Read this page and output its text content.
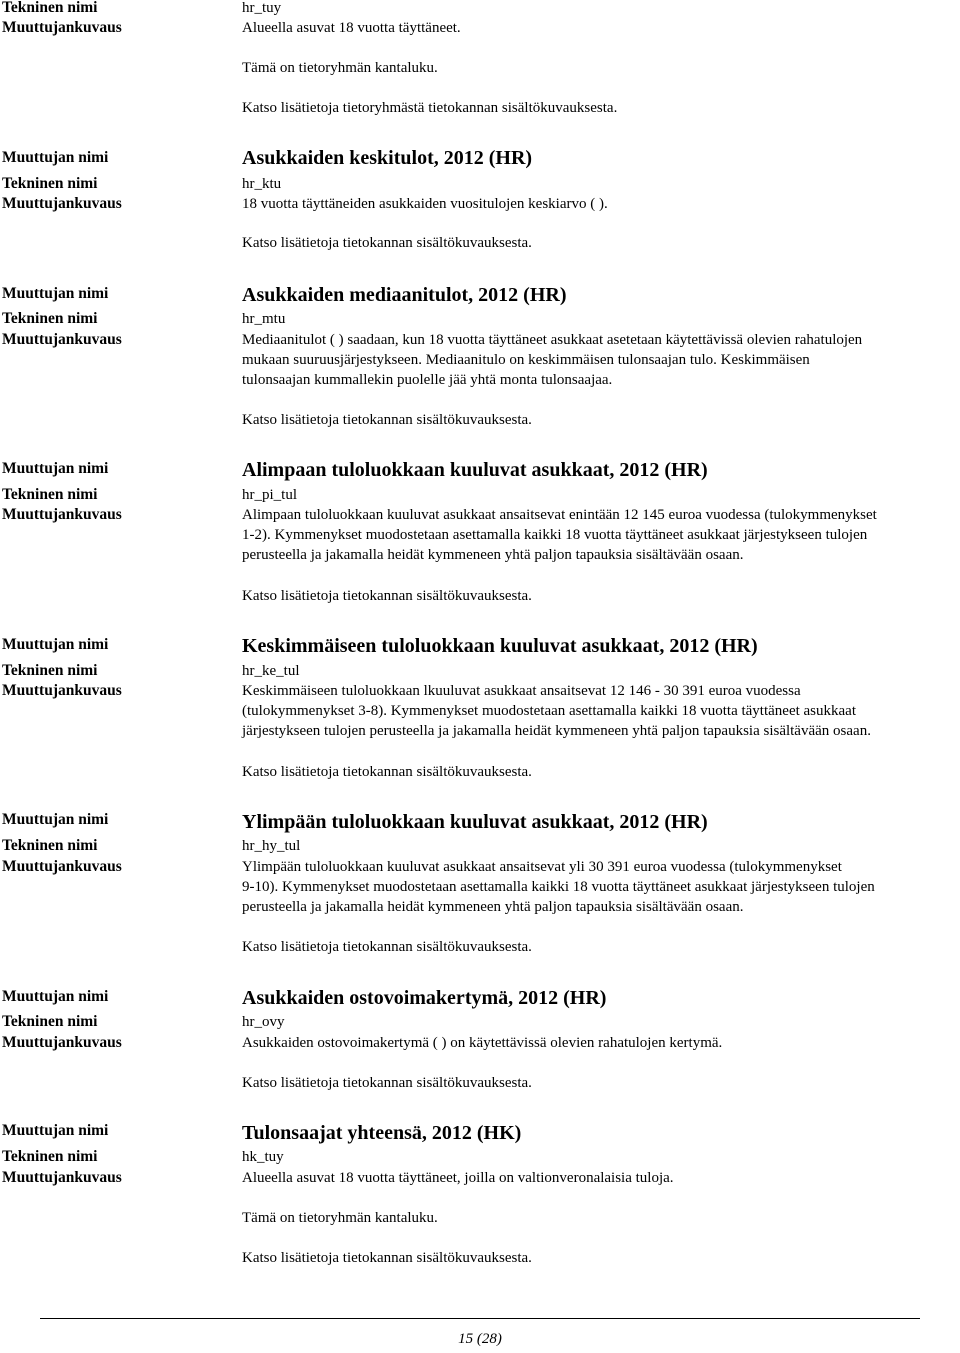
Tekninen nimi
Muuttujankuvaus
hr_tuy
Alueella asuvat 18 vuotta täyttäneet.
Tämä on tietoryhmän kantaluku.
Katso lisätietoja tietoryhmästä tietokannan sisältökuvauksesta.
Muuttujan nimi
Tekninen nimi
Muuttujankuvaus
Asukkaiden keskitulot, 2012 (HR)
hr_ktu
18 vuotta täyttäneiden asukkaiden vuositulojen keskiarvo ( ).
Katso lisätietoja tietokannan sisältökuvauksesta.
Muuttujan nimi
Tekninen nimi
Muuttujankuvaus
Asukkaiden mediaanitulot, 2012 (HR)
hr_mtu
Mediaanitulot ( ) saadaan, kun 18 vuotta täyttäneet asukkaat asetetaan käytettävissä olevien rahatulojen
mukaan suuruusjärjestykseen. Mediaanitulo on keskimmäisen tulonsaajan tulo. Keskimmäisen
tulonsaajan kummallekin puolelle jää yhtä monta tulonsaajaa.
Katso lisätietoja tietokannan sisältökuvauksesta.
Muuttujan nimi
Tekninen nimi
Muuttujankuvaus
Alimpaan tuloluokkaan kuuluvat asukkaat, 2012 (HR)
hr_pi_tul
Alimpaan tuloluokkaan kuuluvat asukkaat ansaitsevat enintään 12 145 euroa vuodessa (tulokymmenykset
1-2). Kymmenykset muodostetaan asettamalla kaikki 18 vuotta täyttäneet asukkaat järjestykseen tulojen
perusteella ja jakamalla heidät kymmeneen yhtä paljon tapauksia sisältävään osaan.
Katso lisätietoja tietokannan sisältökuvauksesta.
Muuttujan nimi
Tekninen nimi
Muuttujankuvaus
Keskimmäiseen tuloluokkaan kuuluvat asukkaat, 2012 (HR)
hr_ke_tul
Keskimmäiseen tuloluokkaan lkuuluvat asukkaat ansaitsevat 12 146 - 30 391 euroa vuodessa
(tulokymmenykset 3-8). Kymmenykset muodostetaan asettamalla kaikki 18 vuotta täyttäneet asukkaat
järjestykseen tulojen perusteella ja jakamalla heidät kymmeneen yhtä paljon tapauksia sisältävään osaan.
Katso lisätietoja tietokannan sisältökuvauksesta.
Muuttujan nimi
Tekninen nimi
Muuttujankuvaus
Ylimpään tuloluokkaan kuuluvat asukkaat, 2012 (HR)
hr_hy_tul
Ylimpään tuloluokkaan kuuluvat asukkaat ansaitsevat yli 30 391 euroa vuodessa (tulokymmenykset
9-10). Kymmenykset muodostetaan asettamalla kaikki 18 vuotta täyttäneet asukkaat järjestykseen tulojen
perusteella ja jakamalla heidät kymmeneen yhtä paljon tapauksia sisältävään osaan.
Katso lisätietoja tietokannan sisältökuvauksesta.
Muuttujan nimi
Tekninen nimi
Muuttujankuvaus
Asukkaiden ostovoimakertymä, 2012 (HR)
hr_ovy
Asukkaiden ostovoimakertymä ( ) on käytettävissä olevien rahatulojen kertymä.
Katso lisätietoja tietokannan sisältökuvauksesta.
Muuttujan nimi
Tekninen nimi
Muuttujankuvaus
Tulonsaajat yhteensä, 2012 (HK)
hk_tuy
Alueella asuvat 18 vuotta täyttäneet, joilla on valtionveronalaisia tuloja.
Tämä on tietoryhmän kantaluku.
Katso lisätietoja tietokannan sisältökuvauksesta.
15 (28)
